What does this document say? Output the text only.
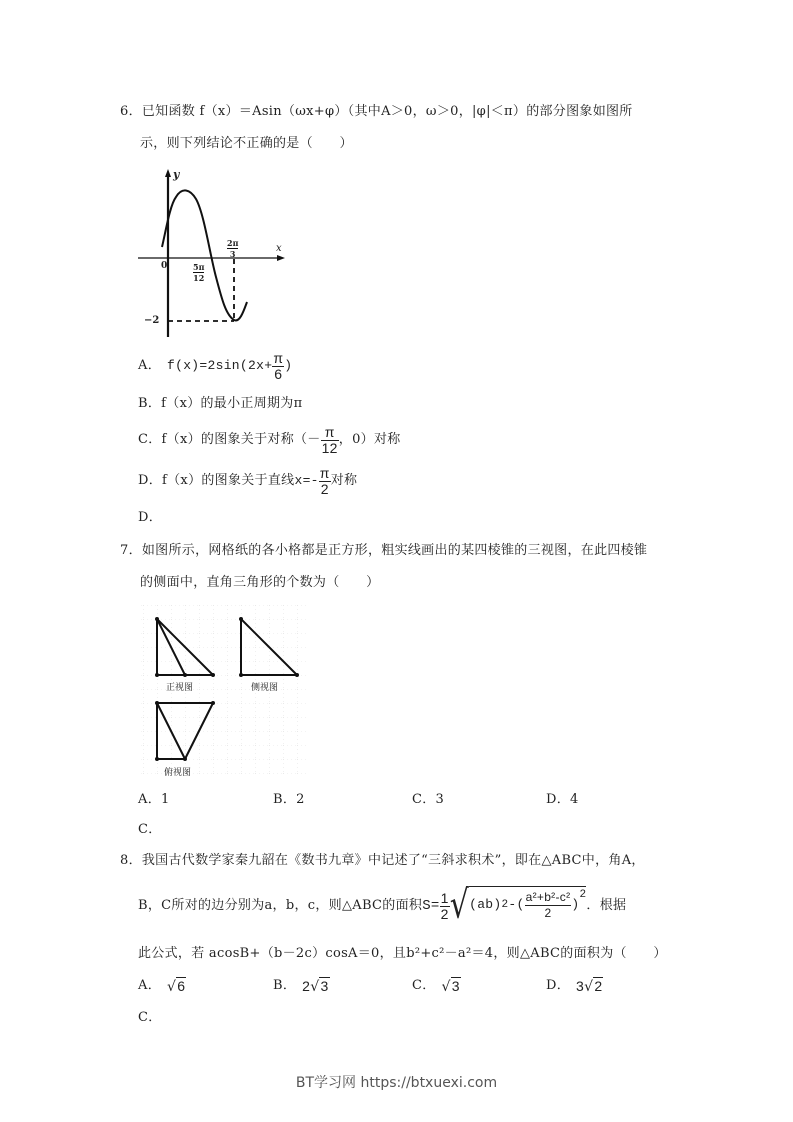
6．已知函数 f（x）＝Asin（ωx+φ）（其中A＞0，ω＞0，|φ|＜π）的部分图象如图所
示，则下列结论不正确的是（　　）
y
x
0	5π
12
2π
3
−2
A． $f(x)=2\sin(2x+ \frac{\pi}{6}$ )
B．f（x）的最小正周期为π
C．f（x）的图象关于对称（－ $\frac{\pi}{12}$ ，0）对称
D．f（x）的图象关于直线 $x=- \frac{\pi}{2}$ 对称
D．
7．如图所示，网格纸的各小格都是正方形，粗实线画出的某四棱锥的三视图，在此四棱锥
的侧面中，直角三角形的个数为（　　）
正视图	侧视图
俯视图
A．1	B．2	C．3	D．4
C．
8．我国古代数学家秦九韶在《数书九章》中记述了“三斜求积术”，即在△ABC中，角A，
B，C所对的边分别为a，b，c，则△ABC的面积 $S= \frac{1}{2}$ √ (ab) 2 -( $\frac{\text{a²+b²-c²}}{2}$ )
$^2$
．根据
此公式，若 acosB+（b－2c）cosA＝0，且b²+c²－a²＝4，则△ABC的面积为（　　）
A． √6	B． 2√3	C． √3	D． 3√2
C．
BT学习网 https://btxuexi.com
